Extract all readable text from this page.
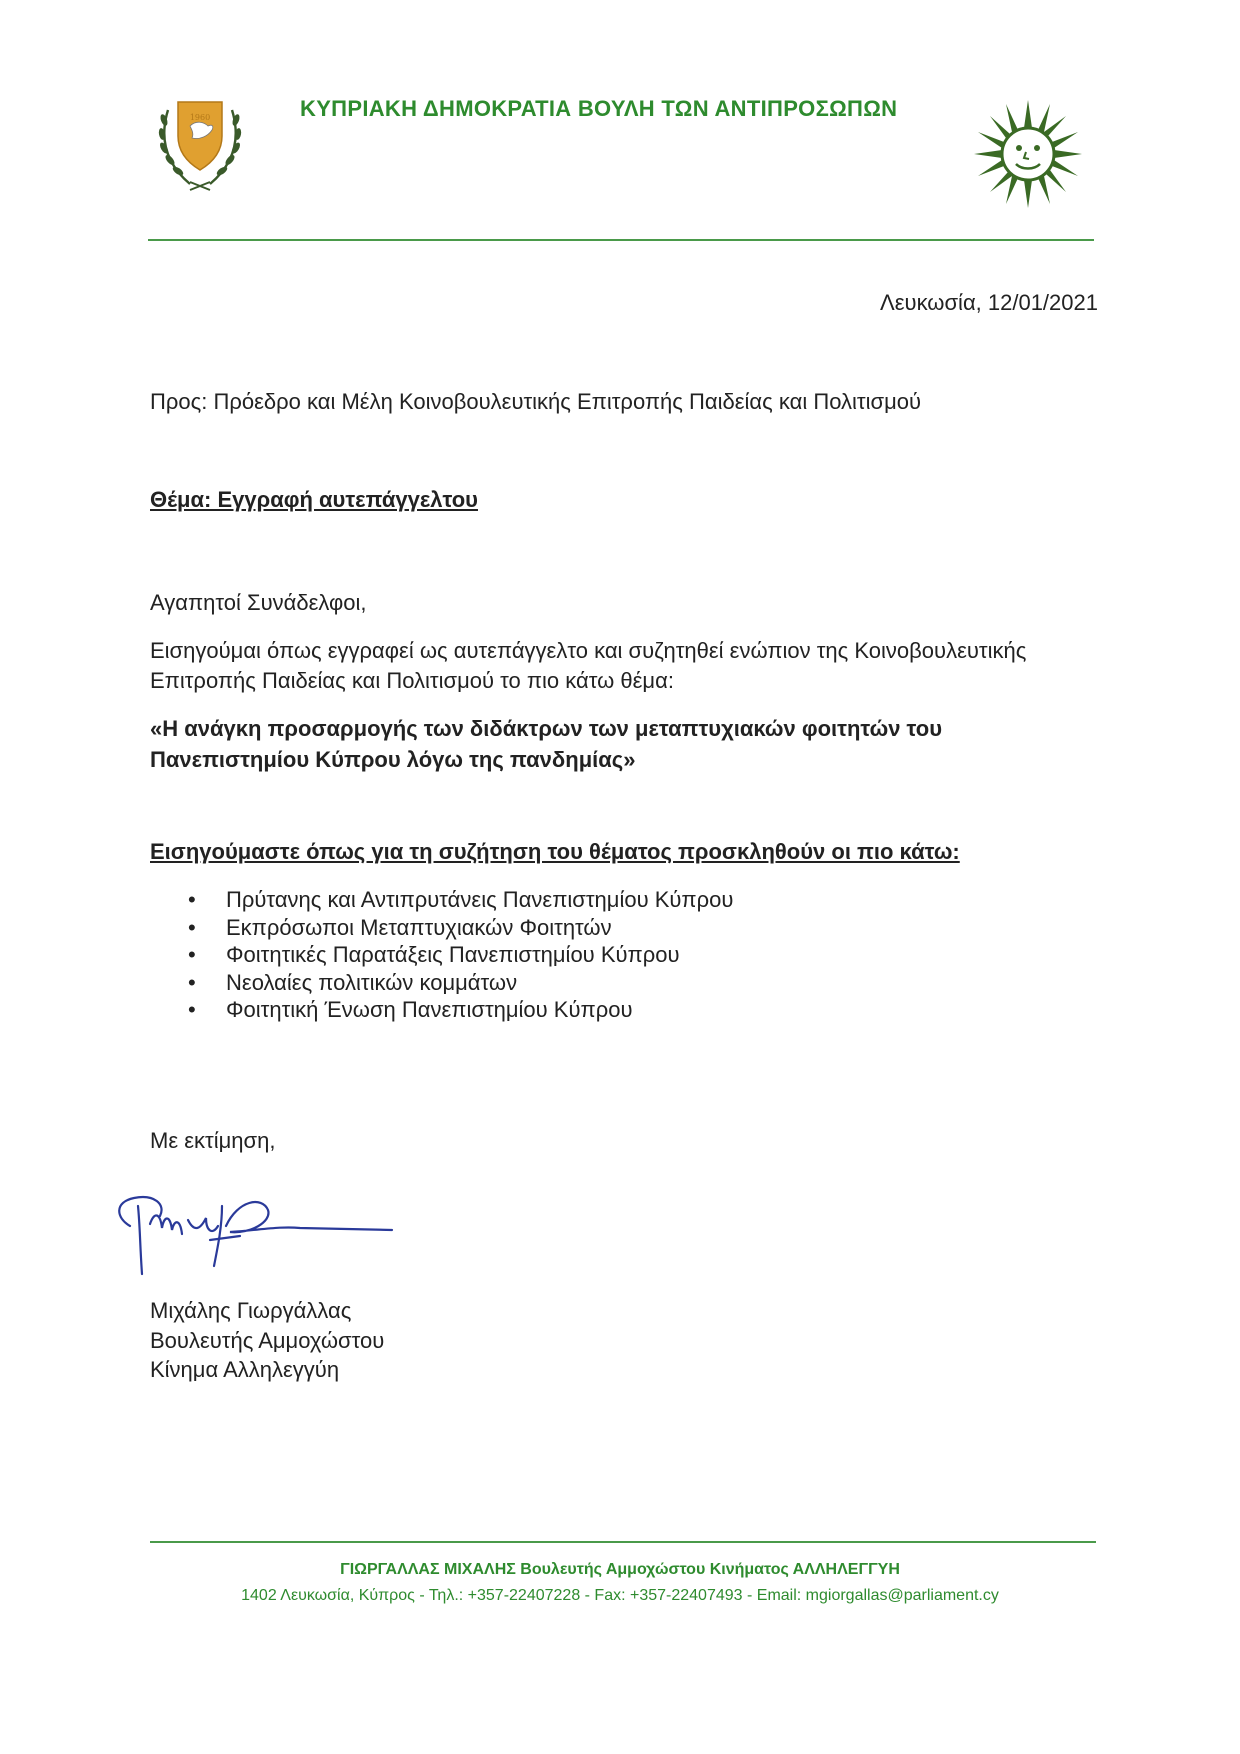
1960	ΚΥΠΡΙΑΚΗ ΔΗΜΟΚΡΑΤΙΑ ΒΟΥΛΗ ΤΩΝ ΑΝΤΙΠΡΟΣΩΠΩΝ
Λευκωσία, 12/01/2021
Προς: Πρόεδρο και Μέλη Κοινοβουλευτικής Επιτροπής Παιδείας και Πολιτισμού
Θέμα: Εγγραφή αυτεπάγγελτου
Αγαπητοί Συνάδελφοι,
Εισηγούμαι όπως εγγραφεί ως αυτεπάγγελτο και συζητηθεί ενώπιον της Κοινοβουλευτικής
Επιτροπής Παιδείας και Πολιτισμού το πιο κάτω θέμα:
«Η ανάγκη προσαρμογής των διδάκτρων των μεταπτυχιακών φοιτητών του
Πανεπιστημίου Κύπρου λόγω της πανδημίας»
Εισηγούμαστε όπως για τη συζήτηση του θέματος προσκληθούν οι πιο κάτω:
• Πρύτανης και Αντιπρυτάνεις Πανεπιστημίου Κύπρου
• Εκπρόσωποι Μεταπτυχιακών Φοιτητών
• Φοιτητικές Παρατάξεις Πανεπιστημίου Κύπρου
• Νεολαίες πολιτικών κομμάτων
• Φοιτητική Ένωση Πανεπιστημίου Κύπρου
Με εκτίμηση,
Μιχάλης Γιωργάλλας
Βουλευτής Αμμοχώστου
Κίνημα Αλληλεγγύη
ΓΙΩΡΓΑΛΛΑΣ ΜΙΧΑΛΗΣ Βουλευτής Αμμοχώστου Κινήματος ΑΛΛΗΛΕΓΓΥΗ
1402 Λευκωσία, Κύπρος - Τηλ.: +357-22407228 - Fax: +357-22407493 - Email: mgiorgallas@parliament.cy
